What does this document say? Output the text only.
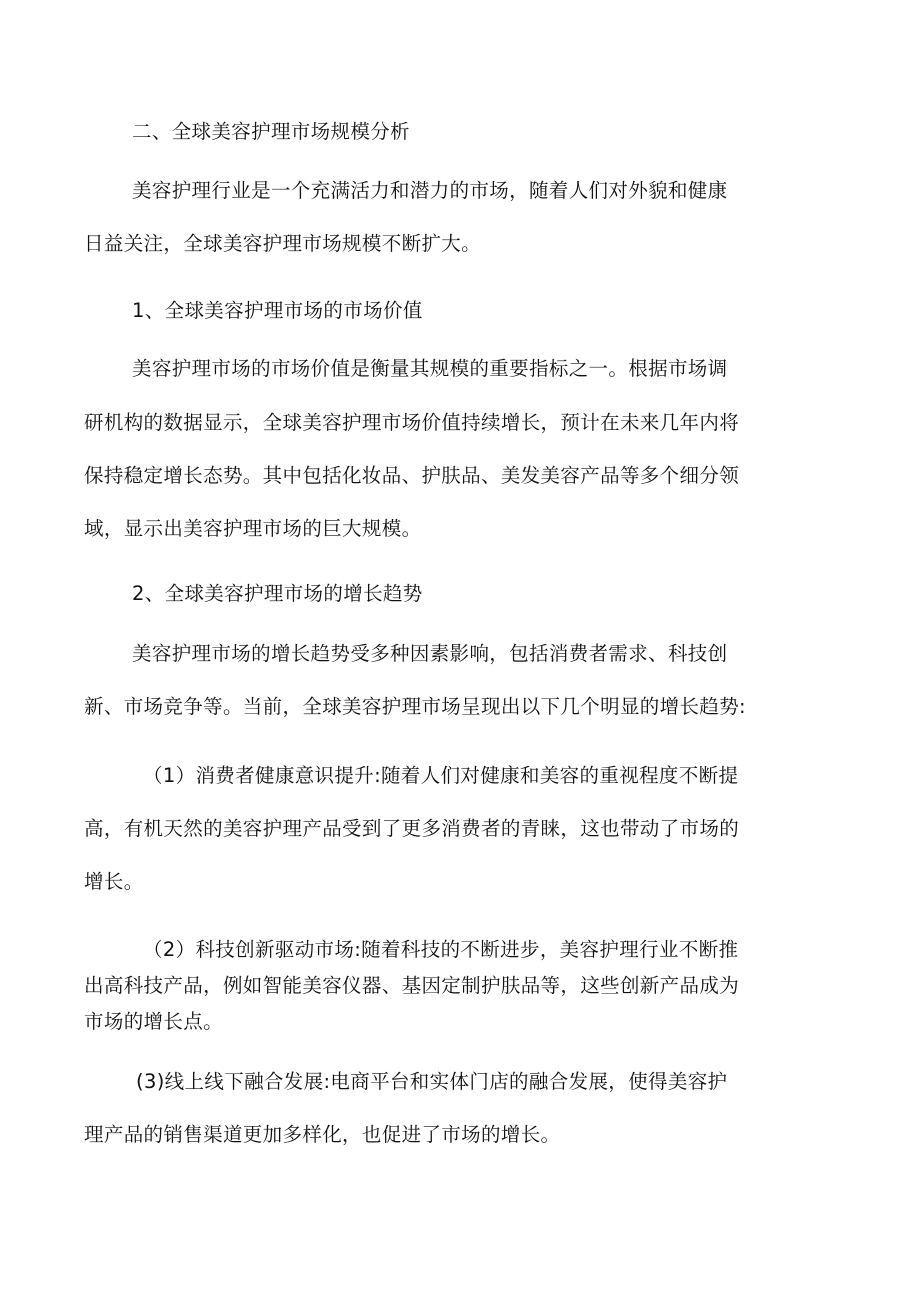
二、全球美容护理市场规模分析
美容护理行业是一个充满活力和潜力的市场，随着人们对外貌和健康
日益关注，全球美容护理市场规模不断扩大。
1、全球美容护理市场的市场价值
美容护理市场的市场价值是衡量其规模的重要指标之一。根据市场调
研机构的数据显示，全球美容护理市场价值持续增长，预计在未来几年内将
保持稳定增长态势。其中包括化妆品、护肤品、美发美容产品等多个细分领
域，显示出美容护理市场的巨大规模。
2、全球美容护理市场的增长趋势
美容护理市场的增长趋势受多种因素影响，包括消费者需求、科技创
新、市场竞争等。当前，全球美容护理市场呈现出以下几个明显的增长趋势:
（1）消费者健康意识提升:随着人们对健康和美容的重视程度不断提
高，有机天然的美容护理产品受到了更多消费者的青睐，这也带动了市场的
增长。
（2）科技创新驱动市场:随着科技的不断进步，美容护理行业不断推
出高科技产品，例如智能美容仪器、基因定制护肤品等，这些创新产品成为
市场的增长点。
(3)线上线下融合发展:电商平台和实体门店的融合发展，使得美容护
理产品的销售渠道更加多样化，也促进了市场的增长。
